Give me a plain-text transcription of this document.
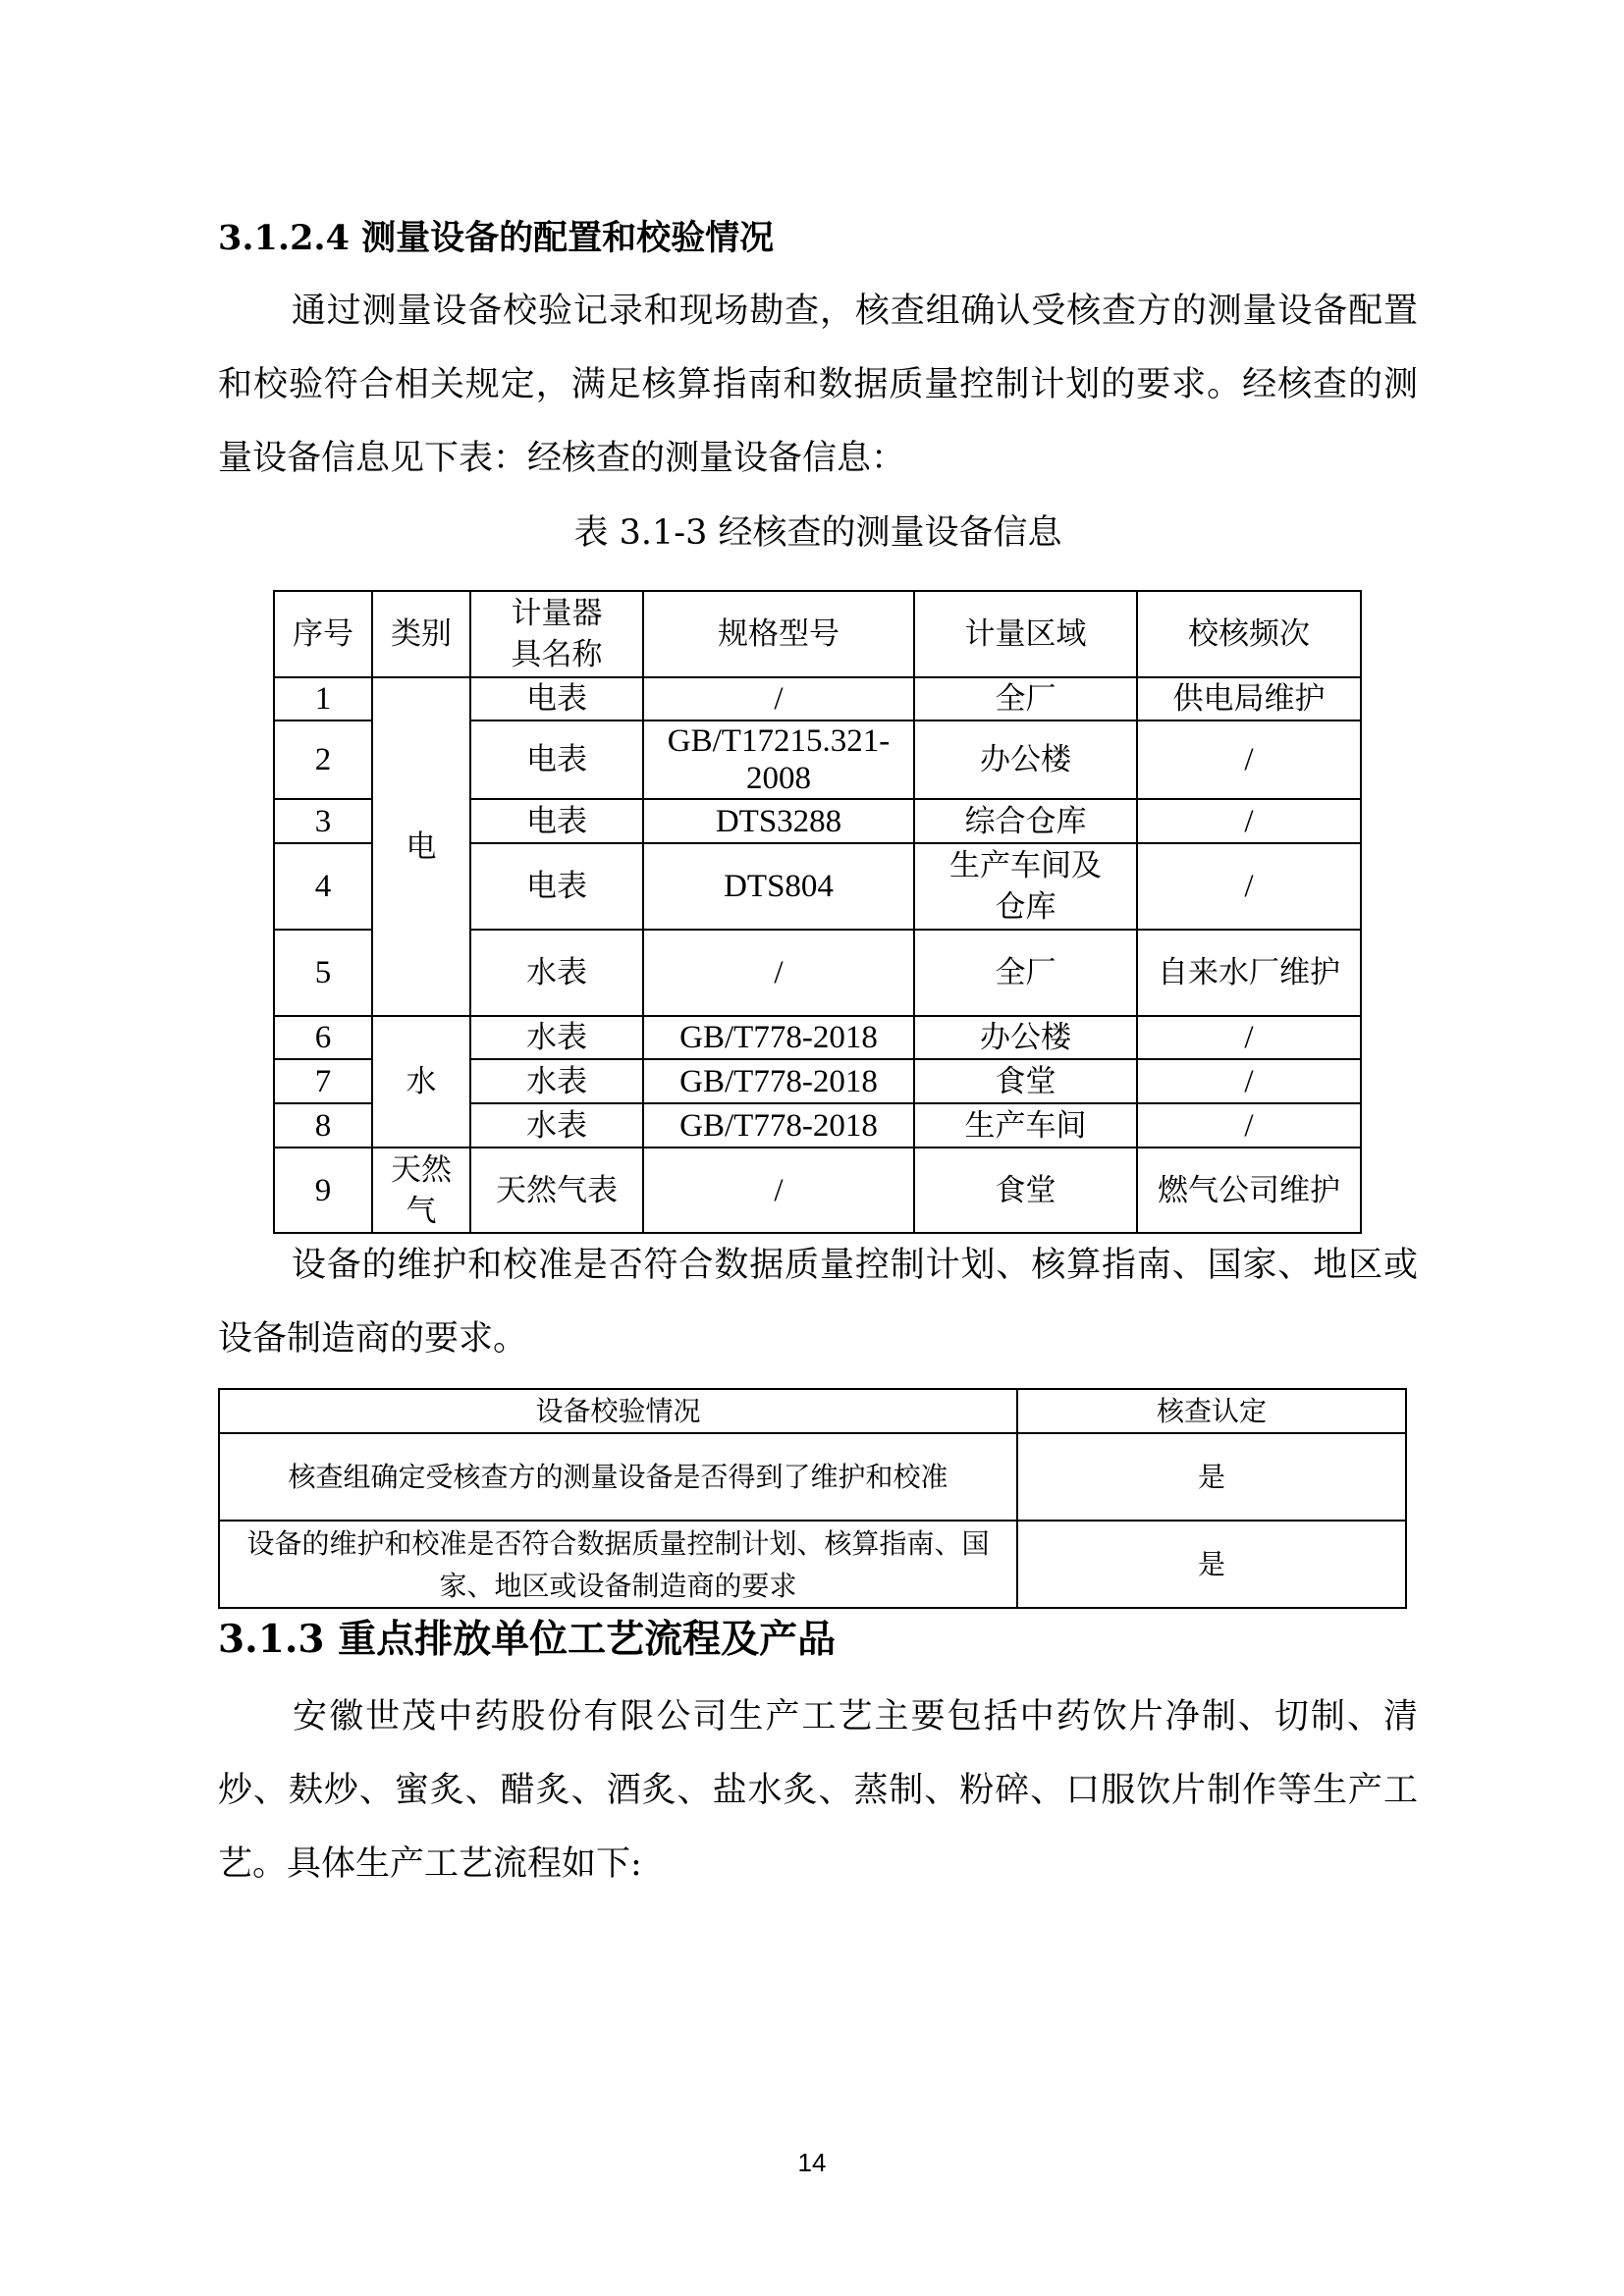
3.1.2.4 测量设备的配置和校验情况
通过测量设备校验记录和现场勘查，核查组确认受核查方的测量设备配置和校验符合相关规定，满足核算指南和数据质量控制计划的要求。经核查的测量设备信息见下表：经核查的测量设备信息：
表 3.1-3 经核查的测量设备信息
序号	类别	计量器具名称	规格型号	计量区域	校核频次
1	电	电表	/	全厂	供电局维护
2		电表	GB/T17215.321-2008	办公楼	/
3		电表	DTS3288	综合仓库	/
4		电表	DTS804	生产车间及仓库	/
5		水表	/	全厂	自来水厂维护
6	水	水表	GB/T778-2018	办公楼	/
7		水表	GB/T778-2018	食堂	/
8		水表	GB/T778-2018	生产车间	/
9	天然气	天然气表	/	食堂	燃气公司维护
设备的维护和校准是否符合数据质量控制计划、核算指南、国家、地区或设备制造商的要求。
设备校验情况	核查认定
核查组确定受核查方的测量设备是否得到了维护和校准	是
设备的维护和校准是否符合数据质量控制计划、核算指南、国家、地区或设备制造商的要求	是
3.1.3 重点排放单位工艺流程及产品
安徽世茂中药股份有限公司生产工艺主要包括中药饮片净制、切制、清炒、麸炒、蜜炙、醋炙、酒炙、盐水炙、蒸制、粉碎、口服饮片制作等生产工艺。具体生产工艺流程如下:
14
